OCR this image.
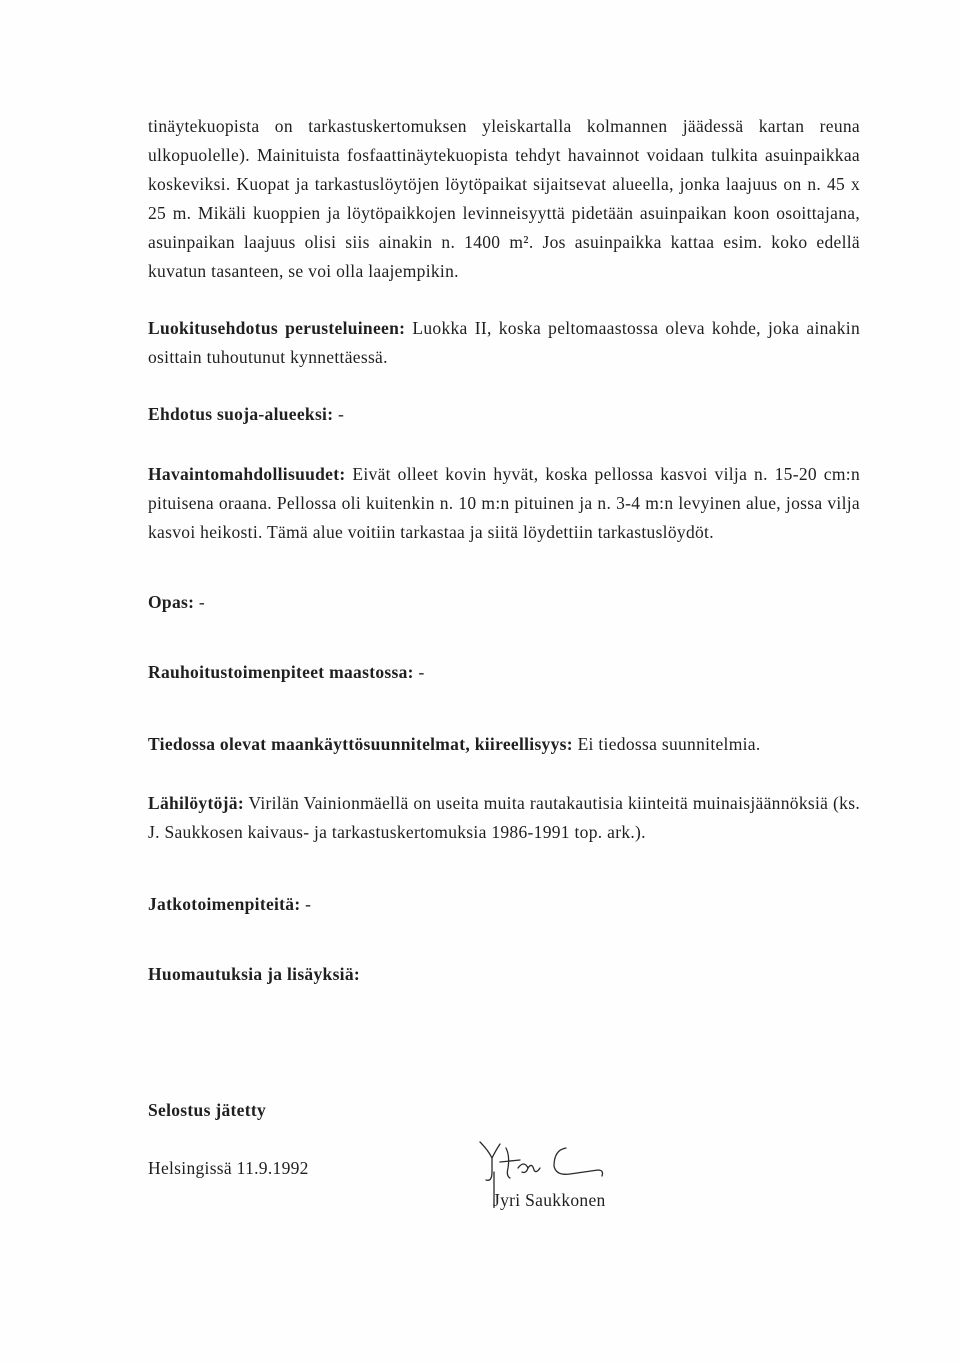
tinäytekuopista on tarkastuskertomuksen yleiskartalla kolmannen jäädessä kartan reuna ulkopuolelle). Mainituista fosfaattinäytekuopista tehdyt havainnot voidaan tulkita asuinpaikkaa koskeviksi. Kuopat ja tarkastuslöytöjen löytöpaikat sijaitsevat alueella, jonka laajuus on n. 45 x 25 m. Mikäli kuoppien ja löytöpaikkojen levinneisyyttä pidetään asuinpaikan koon osoittajana, asuinpaikan laajuus olisi siis ainakin n. 1400 m². Jos asuinpaikka kattaa esim. koko edellä kuvatun tasanteen, se voi olla laajempikin.

Luokitusehdotus perusteluineen: Luokka II, koska peltomaastossa oleva kohde, joka ainakin osittain tuhoutunut kynnettäessä.

Ehdotus suoja-alueeksi: -

Havaintomahdollisuudet: Eivät olleet kovin hyvät, koska pellossa kasvoi vilja n. 15-20 cm:n pituisena oraana. Pellossa oli kuitenkin n. 10 m:n pituinen ja n. 3-4 m:n levyinen alue, jossa vilja kasvoi heikosti. Tämä alue voitiin tarkastaa ja siitä löydettiin tarkastuslöydöt.

Opas: -

Rauhoitustoimenpiteet maastossa: -

Tiedossa olevat maankäyttösuunnitelmat, kiireellisyys: Ei tiedossa suunnitelmia.

Lähilöytöjä: Virilän Vainionmäellä on useita muita rautakautisia kiinteitä muinaisjäännöksiä (ks. J. Saukkosen kaivaus- ja tarkastuskertomuksia 1986-1991 top. ark.).

Jatkotoimenpiteitä: -

Huomautuksia ja lisäyksiä:

Selostus jätetty
Helsingissä 11.9.1992
Jyri Saukkonen
